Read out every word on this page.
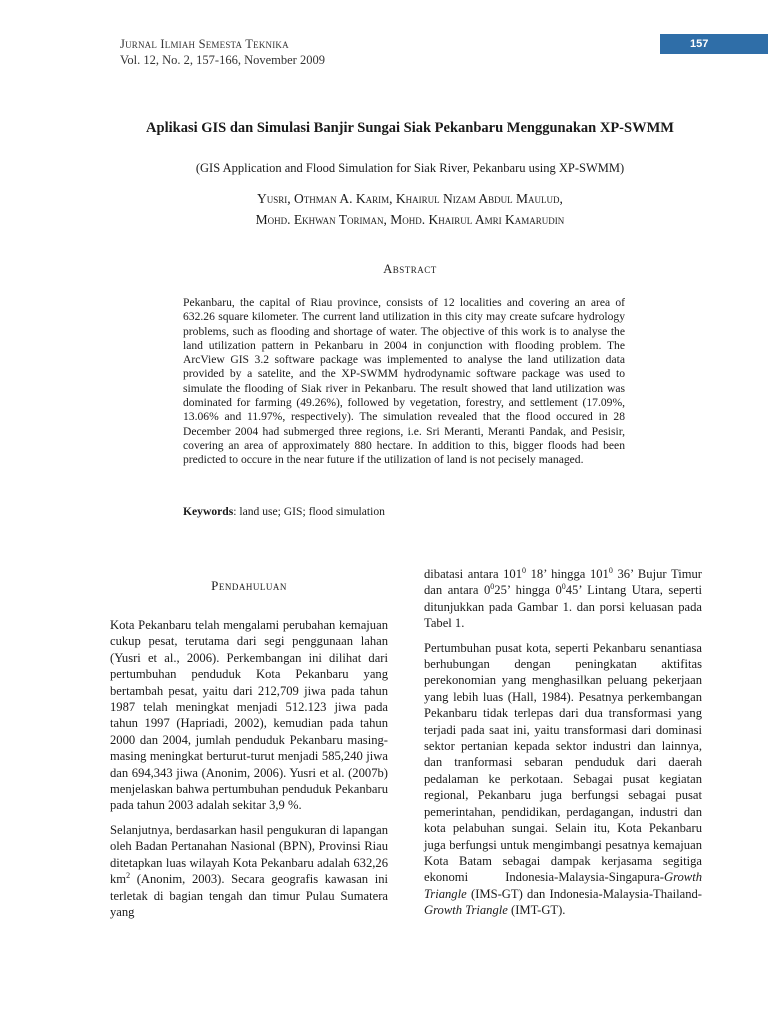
Jurnal Ilmiah Semesta Teknika
Vol. 12, No. 2, 157-166, November 2009
157
Aplikasi GIS dan Simulasi Banjir Sungai Siak Pekanbaru Menggunakan XP-SWMM
(GIS Application and Flood Simulation for Siak River, Pekanbaru using XP-SWMM)
Yusri, Othman A. Karim, Khairul Nizam Abdul Maulud,
Mohd. Ekhwan Toriman, Mohd. Khairul Amri Kamarudin
Abstract

Pekanbaru, the capital of Riau province, consists of 12 localities and covering an area of 632.26 square kilometer. The current land utilization in this city may create sufcare hydrology problems, such as flooding and shortage of water. The objective of this work is to analyse the land utilization pattern in Pekanbaru in 2004 in conjunction with flooding problem. The ArcView GIS 3.2 software package was implemented to analyse the land utilization data provided by a satelite, and the XP-SWMM hydrodynamic software package was used to simulate the flooding of Siak river in Pekanbaru. The result showed that land utilization was dominated for farming (49.26%), followed by vegetation, forestry, and settlement (17.09%, 13.06% and 11.97%, respectively). The simulation revealed that the flood occured in 28 December 2004 had submerged three regions, i.e. Sri Meranti, Meranti Pandak, and Pesisir, covering an area of approximately 880 hectare. In addition to this, bigger floods had been predicted to occure in the near future if the utilization of land is not pecisely managed.

Keywords: land use; GIS; flood simulation
Pendahuluan

Kota Pekanbaru telah mengalami perubahan kemajuan cukup pesat, terutama dari segi penggunaan lahan (Yusri et al., 2006). Perkembangan ini dilihat dari pertumbuhan penduduk Kota Pekanbaru yang bertambah pesat, yaitu dari 212,709 jiwa pada tahun 1987 telah meningkat menjadi 512.123 jiwa pada tahun 1997 (Hapriadi, 2002), kemudian pada tahun 2000 dan 2004, jumlah penduduk Pekanbaru masing-masing meningkat berturut-turut menjadi 585,240 jiwa dan 694,343 jiwa (Anonim, 2006). Yusri et al. (2007b) menjelaskan bahwa pertumbuhan penduduk Pekanbaru pada tahun 2003 adalah sekitar 3,9 %.

Selanjutnya, berdasarkan hasil pengukuran di lapangan oleh Badan Pertanahan Nasional (BPN), Provinsi Riau ditetapkan luas wilayah Kota Pekanbaru adalah 632,26 $km^2$ (Anonim, 2003). Secara geografis kawasan ini terletak di bagian tengah dan timur Pulau Sumatera yang

dibatasi antara $101^0$ 18’ hingga $101^0$ 36’ Bujur Timur dan antara $0^025$’ hingga $0^045$’ Lintang Utara, seperti ditunjukkan pada Gambar 1. dan porsi keluasan pada Tabel 1.

Pertumbuhan pusat kota, seperti Pekanbaru senantiasa berhubungan dengan peningkatan aktifitas perekonomian yang menghasilkan peluang pekerjaan yang lebih luas (Hall, 1984). Pesatnya perkembangan Pekanbaru tidak terlepas dari dua transformasi yang terjadi pada saat ini, yaitu transformasi dari dominasi sektor pertanian kepada sektor industri dan lainnya, dan tranformasi sebaran penduduk dari daerah pedalaman ke perkotaan. Sebagai pusat kegiatan regional, Pekanbaru juga berfungsi sebagai pusat pemerintahan, pendidikan, perdagangan, industri dan kota pelabuhan sungai. Selain itu, Kota Pekanbaru juga berfungsi untuk mengimbangi pesatnya kemajuan Kota Batam sebagai dampak kerjasama segitiga ekonomi Indonesia-Malaysia-Singapura-Growth Triangle (IMS-GT) dan Indonesia-Malaysia-Thailand-Growth Triangle (IMT-GT).
